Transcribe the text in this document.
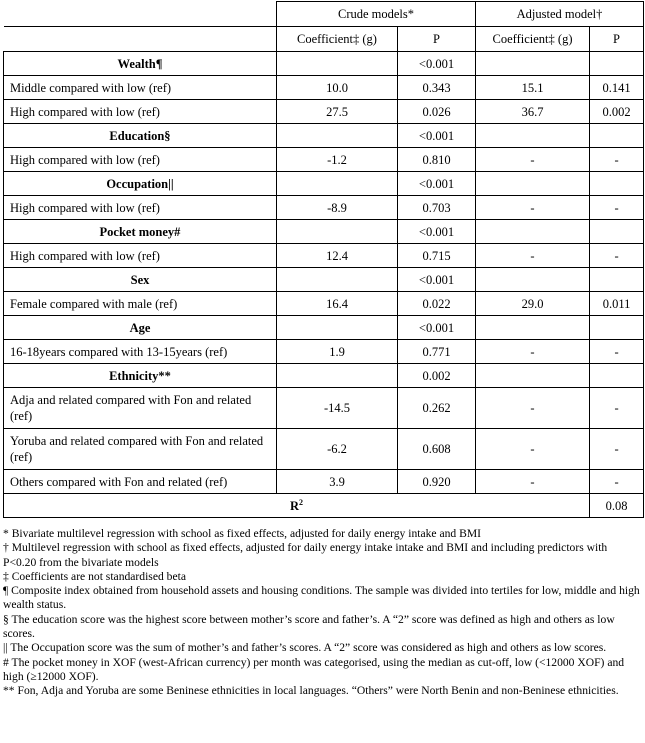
	Crude models*		Adjusted model†	
	Coefficient‡ (g)	P	Coefficient‡ (g)	P
Wealth¶		<0.001		
Middle compared with low (ref)	10.0	0.343	15.1	0.141
High compared with low (ref)	27.5	0.026	36.7	0.002
Education§		<0.001		
High compared with low (ref)	-1.2	0.810	-	-
Occupation||		<0.001		
High compared with low (ref)	-8.9	0.703	-	-
Pocket money#		<0.001		
High compared with low (ref)	12.4	0.715	-	-
Sex		<0.001		
Female compared with male (ref)	16.4	0.022	29.0	0.011
Age		<0.001		
16-18years compared with 13-15years (ref)	1.9	0.771	-	-
Ethnicity**		0.002		
Adja and related compared with Fon and related (ref)	-14.5	0.262	-	-
Yoruba and related compared with Fon and related (ref)	-6.2	0.608	-	-
Others compared with Fon and related (ref)	3.9	0.920	-	-
$R^2$				0.08

* Bivariate multilevel regression with school as fixed effects, adjusted for daily energy intake and BMI

† Multilevel regression with school as fixed effects, adjusted for daily energy intake intake and BMI and including predictors with P<0.20 from the bivariate models

‡ Coefficients are not standardised beta

¶ Composite index obtained from household assets and housing conditions. The sample was divided into tertiles for low, middle and high wealth status.

§ The education score was the highest score between mother’s score and father’s. A “2” score was defined as high and others as low scores.

|| The Occupation score was the sum of mother’s and father’s scores. A “2” score was considered as high and others as low scores.

# The pocket money in XOF (west-African currency) per month was categorised, using the median as cut-off, low (<12000 XOF) and high (≥12000 XOF).

** Fon, Adja and Yoruba are some Beninese ethnicities in local languages. “Others” were North Benin and non-Beninese ethnicities.
